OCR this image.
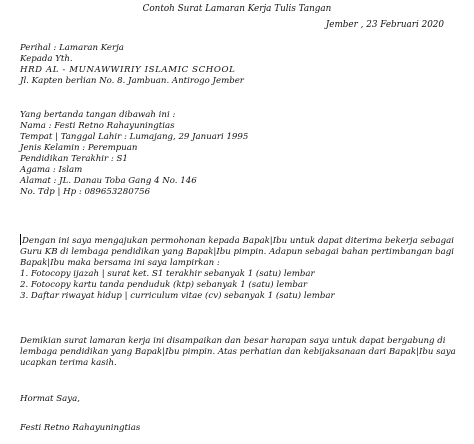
Contoh Surat Lamaran Kerja Tulis Tangan
Jember , 23 Februari 2020
Perihal : Lamaran Kerja
Kepada Yth.
HRD AL - MUNAWWIRIY ISLAMIC SCHOOL
Jl. Kapten berlian No. 8. Jambuan. Antirogo Jember
Yang bertanda tangan dibawah ini :
Nama : Festi Retno Rahayuningtias
Tempat | Tanggal Lahir : Lumajang, 29 Januari 1995
Jenis Kelamin : Perempuan
Pendidikan Terakhir : S1
Agama : Islam
Alamat : JL. Danau Toba Gang 4 No. 146
No. Tdp | Hp : 089653280756
Dengan ini saya mengajukan permohonan kepada Bapak|Ibu untuk dapat diterima bekerja sebagai Guru KB di lembaga pendidikan yang Bapak|Ibu pimpin. Adapun sebagai bahan pertimbangan bagi Bapak|Ibu maka bersama ini saya lampirkan :
1. Fotocopy ijazah | surat ket. S1 terakhir sebanyak 1 (satu) lembar
2. Fotocopy kartu tanda penduduk (ktp) sebanyak 1 (satu) lembar
3. Daftar riwayat hidup | curriculum vitae (cv) sebanyak 1 (satu) lembar
Demikian surat lamaran kerja ini disampaikan dan besar harapan saya untuk dapat bergabung di lembaga pendidikan yang Bapak|Ibu pimpin. Atas perhatian dan kebijaksanaan dari Bapak|Ibu saya ucapkan terima kasih.
Hormat Saya,
Festi Retno Rahayuningtias
